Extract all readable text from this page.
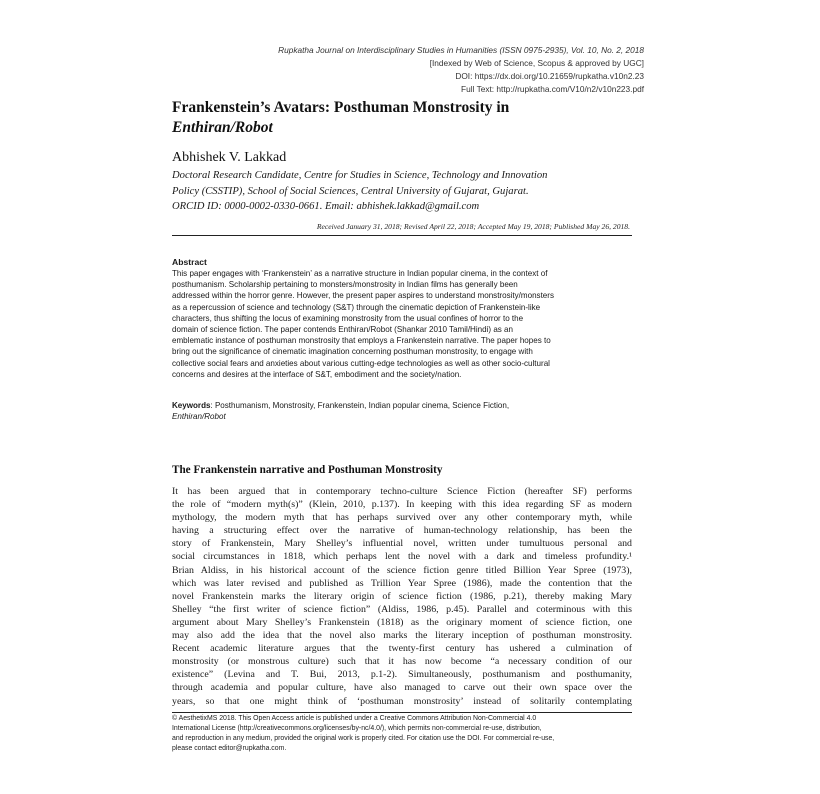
Rupkatha Journal on Interdisciplinary Studies in Humanities (ISSN 0975-2935), Vol. 10, No. 2, 2018
[Indexed by Web of Science, Scopus & approved by UGC]
DOI: https://dx.doi.org/10.21659/rupkatha.v10n2.23
Full Text: http://rupkatha.com/V10/n2/v10n223.pdf
Frankenstein’s Avatars: Posthuman Monstrosity in
Enthiran/Robot
Abhishek V. Lakkad
Doctoral Research Candidate, Centre for Studies in Science, Technology and Innovation
Policy (CSSTIP), School of Social Sciences, Central University of Gujarat, Gujarat.
ORCID ID: 0000-0002-0330-0661. Email: abhishek.lakkad@gmail.com
Received January 31, 2018; Revised April 22, 2018; Accepted May 19, 2018; Published May 26, 2018.
Abstract
This paper engages with ‘Frankenstein’ as a narrative structure in Indian popular cinema, in the context of
posthumanism. Scholarship pertaining to monsters/monstrosity in Indian films has generally been
addressed within the horror genre. However, the present paper aspires to understand monstrosity/monsters
as a repercussion of science and technology (S&T) through the cinematic depiction of Frankenstein-like
characters, thus shifting the locus of examining monstrosity from the usual confines of horror to the
domain of science fiction. The paper contends Enthiran/Robot (Shankar 2010 Tamil/Hindi) as an
emblematic instance of posthuman monstrosity that employs a Frankenstein narrative. The paper hopes to
bring out the significance of cinematic imagination concerning posthuman monstrosity, to engage with
collective social fears and anxieties about various cutting-edge technologies as well as other socio-cultural
concerns and desires at the interface of S&T, embodiment and the society/nation.
Keywords: Posthumanism, Monstrosity, Frankenstein, Indian popular cinema, Science Fiction,
Enthiran/Robot
The Frankenstein narrative and Posthuman Monstrosity
It has been argued that in contemporary techno-culture Science Fiction (hereafter SF) performs
the role of “modern myth(s)” (Klein, 2010, p.137). In keeping with this idea regarding SF as modern
mythology, the modern myth that has perhaps survived over any other contemporary myth, while
having a structuring effect over the narrative of human-technology relationship, has been the
story of Frankenstein, Mary Shelley’s influential novel, written under tumultuous personal and
social circumstances in 1818, which perhaps lent the novel with a dark and timeless profundity.¹
Brian Aldiss, in his historical account of the science fiction genre titled Billion Year Spree (1973),
which was later revised and published as Trillion Year Spree (1986), made the contention that the
novel Frankenstein marks the literary origin of science fiction (1986, p.21), thereby making Mary
Shelley “the first writer of science fiction” (Aldiss, 1986, p.45). Parallel and coterminous with this
argument about Mary Shelley’s Frankenstein (1818) as the originary moment of science fiction, one
may also add the idea that the novel also marks the literary inception of posthuman monstrosity.
Recent academic literature argues that the twenty-first century has ushered a culmination of
monstrosity (or monstrous culture) such that it has now become “a necessary condition of our
existence” (Levina and T. Bui, 2013, p.1-2). Simultaneously, posthumanism and posthumanity,
through academia and popular culture, have also managed to carve out their own space over the
years, so that one might think of ‘posthuman monstrosity’ instead of solitarily contemplating
© AesthetixMS 2018. This Open Access article is published under a Creative Commons Attribution Non-Commercial 4.0
International License (http://creativecommons.org/licenses/by-nc/4.0/), which permits non-commercial re-use, distribution,
and reproduction in any medium, provided the original work is properly cited. For citation use the DOI. For commercial re-use,
please contact editor@rupkatha.com.
